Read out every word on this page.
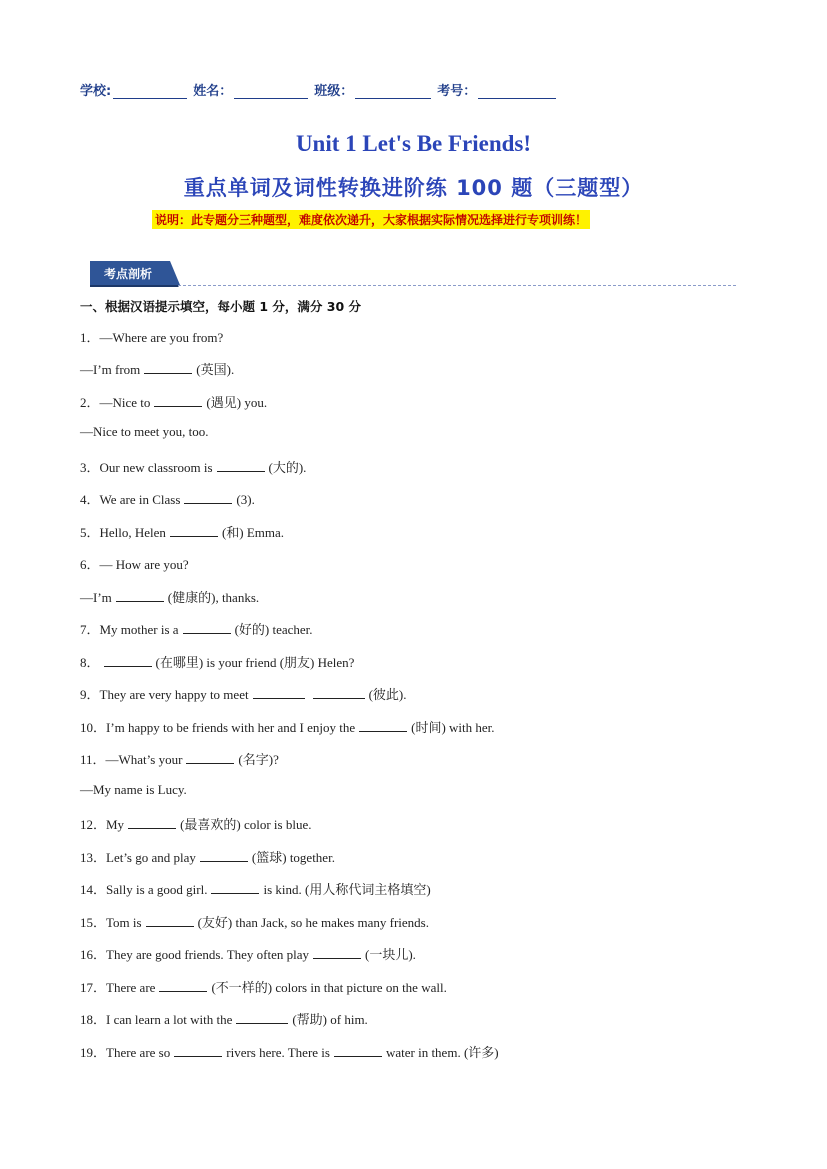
学校:	姓名：	班级：	考号：
Unit 1 Let's Be Friends!
重点单词及词性转换进阶练 100 题（三题型）
说明：此专题分三种题型，难度依次递升，大家根据实际情况选择进行专项训练！
考点剖析
一、根据汉语提示填空，每小题 1 分，满分 30 分
1．—Where are you from?
—I’m from	(英国).
2．—Nice to	(遇见) you.
—Nice to meet you, too.
3．Our new classroom is	(大的).
4．We are in Class	(3).
5．Hello, Helen	(和) Emma.
6．— How are you?
—I’m	(健康的), thanks.
7．My mother is a	(好的) teacher.
8．	(在哪里) is your friend (朋友) Helen?
9．They are very happy to meet	(彼此).
10．I’m happy to be friends with her and I enjoy the	(时间) with her.
11．—What’s your	(名字)?
—My name is Lucy.
12．My	(最喜欢的) color is blue.
13．Let’s go and play	(篮球) together.
14．Sally is a good girl.	is kind. (用人称代词主格填空)
15．Tom is	(友好) than Jack, so he makes many friends.
16．They are good friends. They often play	(一块儿).
17．There are	(不一样的) colors in that picture on the wall.
18．I can learn a lot with the	(帮助) of him.
19．There are so	rivers here. There is	water in them. (许多)
